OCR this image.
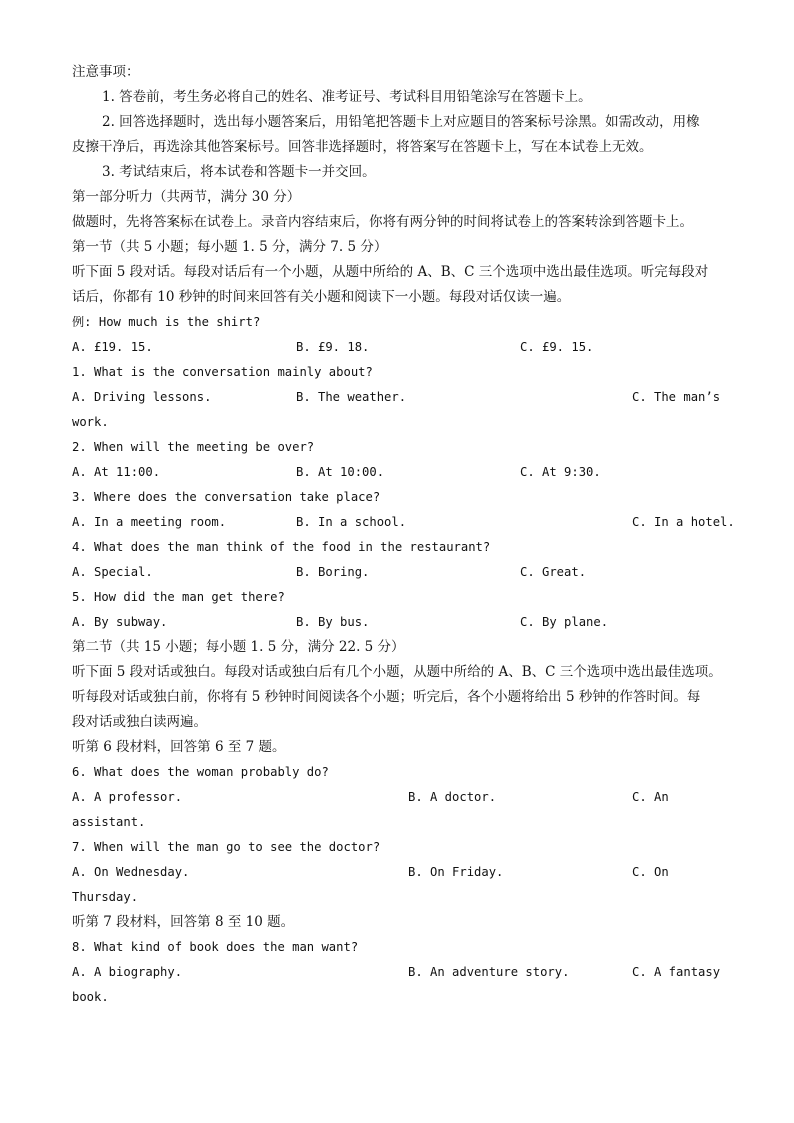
注意事项：
1. 答卷前，考生务必将自己的姓名、准考证号、考试科目用铅笔涂写在答题卡上。
2. 回答选择题时，选出每小题答案后，用铅笔把答题卡上对应题目的答案标号涂黑。如需改动，用橡
皮擦干净后，再选涂其他答案标号。回答非选择题时，将答案写在答题卡上，写在本试卷上无效。
3. 考试结束后，将本试卷和答题卡一并交回。
第一部分听力（共两节，满分 30 分）
做题时，先将答案标在试卷上。录音内容结束后，你将有两分钟的时间将试卷上的答案转涂到答题卡上。
第一节（共 5 小题；每小题 1. 5 分，满分 7. 5 分）
听下面 5 段对话。每段对话后有一个小题，从题中所给的 A、B、C 三个选项中选出最佳选项。听完每段对
话后，你都有 10 秒钟的时间来回答有关小题和阅读下一小题。每段对话仅读一遍。
例: How much is the shirt?
A. £19. 15.	B. £9. 18.	C. £9. 15.
1. What is the conversation mainly about?
A. Driving lessons.	B. The weather.	C. The man’s
work.
2. When will the meeting be over?
A. At 11:00.	B. At 10:00.	C. At 9:30.
3. Where does the conversation take place?
A. In a meeting room.	B. In a school.	C. In a hotel.
4. What does the man think of the food in the restaurant?
A. Special.	B. Boring.	C. Great.
5. How did the man get there?
A. By subway.	B. By bus.	C. By plane.
第二节（共 15 小题；每小题 1. 5 分，满分 22. 5 分）
听下面 5 段对话或独白。每段对话或独白后有几个小题，从题中所给的 A、B、C 三个选项中选出最佳选项。
听每段对话或独白前，你将有 5 秒钟时间阅读各个小题；听完后，各个小题将给出 5 秒钟的作答时间。每
段对话或独白读两遍。
听第 6 段材料，回答第 6 至 7 题。
6. What does the woman probably do?
A. A professor.	B. A doctor.	C. An
assistant.
7. When will the man go to see the doctor?
A. On Wednesday.	B. On Friday.	C. On
Thursday.
听第 7 段材料，回答第 8 至 10 题。
8. What kind of book does the man want?
A. A biography.	B. An adventure story.	C. A fantasy
book.
